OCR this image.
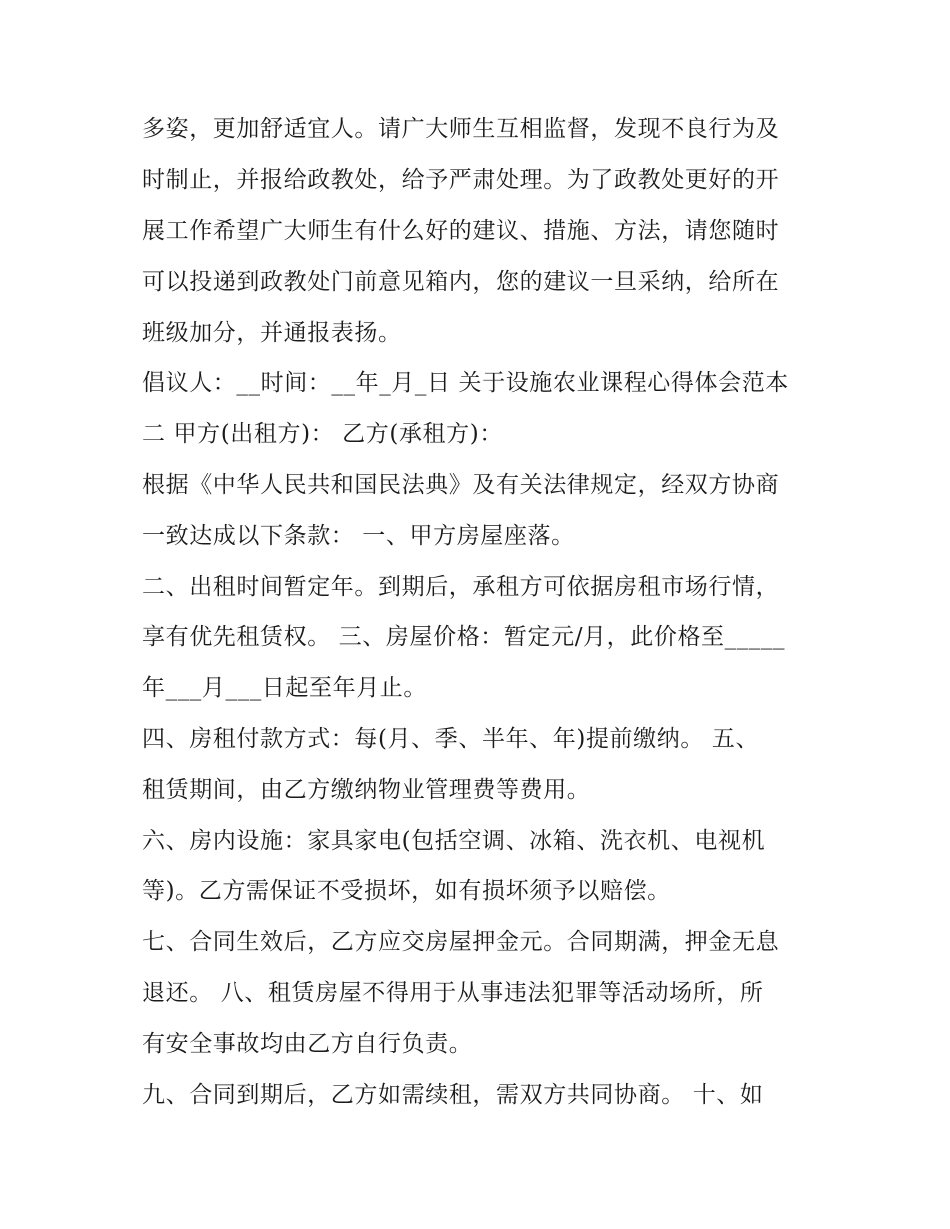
多姿，更加舒适宜人。请广大师生互相监督，发现不良行为及
时制止，并报给政教处，给予严肃处理。为了政教处更好的开
展工作希望广大师生有什么好的建议、措施、方法，请您随时
可以投递到政教处门前意见箱内，您的建议一旦采纳，给所在
班级加分，并通报表扬。
倡议人：__时间：__年_月_日 关于设施农业课程心得体会范本
二 甲方(出租方)： 乙方(承租方)：
根据《中华人民共和国民法典》及有关法律规定，经双方协商
一致达成以下条款： 一、甲方房屋座落。
二、出租时间暂定年。到期后，承租方可依据房租市场行情，
享有优先租赁权。 三、房屋价格：暂定元/月，此价格至_____
年___月___日起至年月止。
四、房租付款方式：每(月、季、半年、年)提前缴纳。 五、
租赁期间，由乙方缴纳物业管理费等费用。
六、房内设施：家具家电(包括空调、冰箱、洗衣机、电视机
等)。乙方需保证不受损坏，如有损坏须予以赔偿。
七、合同生效后，乙方应交房屋押金元。合同期满，押金无息
退还。 八、租赁房屋不得用于从事违法犯罪等活动场所，所
有安全事故均由乙方自行负责。
九、合同到期后，乙方如需续租，需双方共同协商。 十、如
